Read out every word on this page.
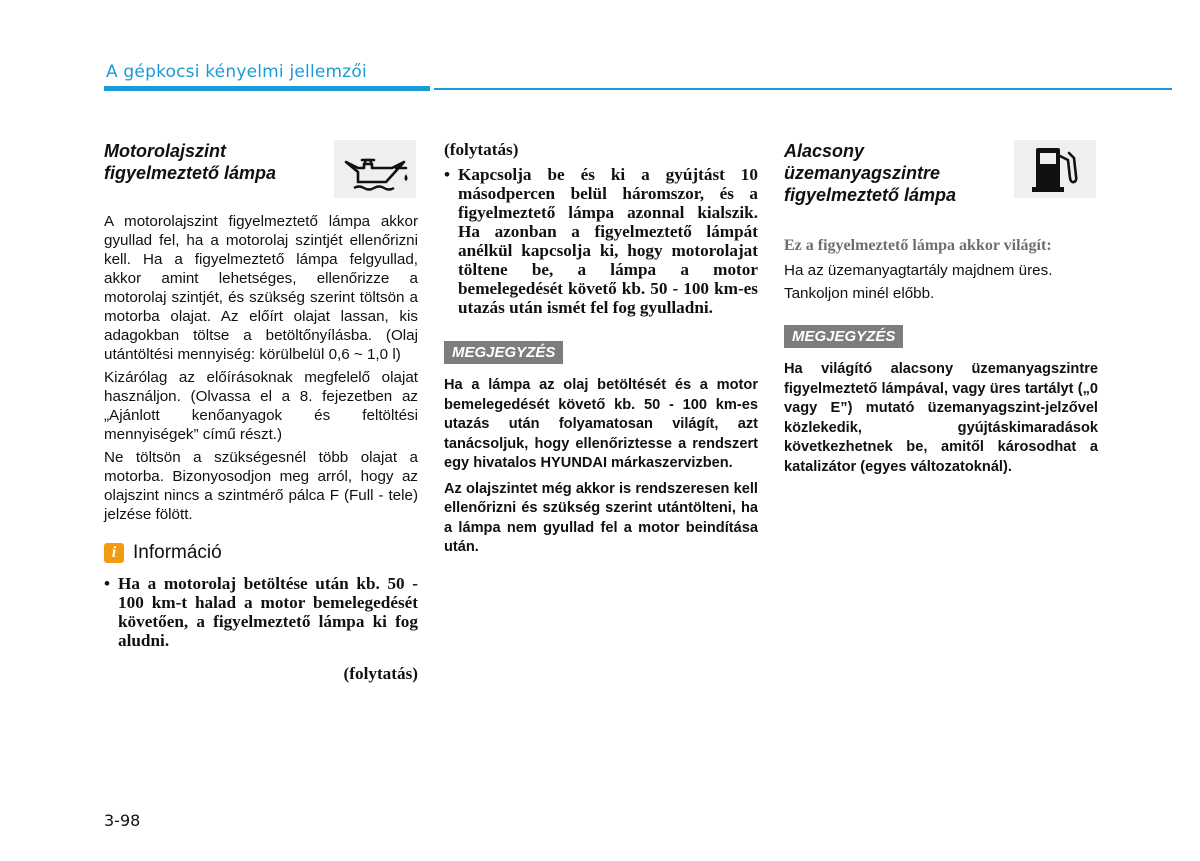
A gépkocsi kényelmi jellemzői
Motorolajszint figyelmeztető lámpa

A motorolajszint figyelmeztető lámpa akkor gyullad fel, ha a motorolaj szintjét ellenőrizni kell. Ha a figyelmeztető lámpa felgyullad, akkor amint lehetséges, ellenőrizze a motorolaj szintjét, és szükség szerint töltsön a motorba olajat. Az előírt olajat lassan, kis adagokban töltse a betöltőnyílásba. (Olaj utántöltési mennyiség: körülbelül 0,6 ~ 1,0 l)

Kizárólag az előírásoknak megfelelő olajat használjon. (Olvassa el a 8. fejezetben az „Ajánlott kenőanyagok és feltöltési mennyiségek” című részt.)

Ne töltsön a szükségesnél több olajat a motorba. Bizonyosodjon meg arról, hogy az olajszint nincs a szintmérő pálca F (Full - tele) jelzése fölött.

i Információ
• Ha a motorolaj betöltése után kb. 50 - 100 km-t halad a motor bemelegedését követően, a figyelmeztető lámpa ki fog aludni.
(folytatás)
(folytatás)
• Kapcsolja be és ki a gyújtást 10 másodpercen belül háromszor, és a figyelmeztető lámpa azonnal kialszik. Ha azonban a figyelmeztető lámpát anélkül kapcsolja ki, hogy motorolajat töltene be, a lámpa a motor bemelegedését követő kb. 50 - 100 km-es utazás után ismét fel fog gyulladni.
MEGJEGYZÉS

Ha a lámpa az olaj betöltését és a motor bemelegedését követő kb. 50 - 100 km-es utazás után folyamatosan világít, azt tanácsoljuk, hogy ellenőriztesse a rendszert egy hivatalos HYUNDAI márkaszervizben.

Az olajszintet még akkor is rendszeresen kell ellenőrizni és szükség szerint utántölteni, ha a lámpa nem gyullad fel a motor beindítása után.

Alacsony üzemanyagszintre figyelmeztető lámpa
Ez a figyelmeztető lámpa akkor világít:
Ha az üzemanyagtartály majdnem üres.
Tankoljon minél előbb.
MEGJEGYZÉS

Ha világító alacsony üzemanyagszintre figyelmeztető lámpával, vagy üres tartályt („0 vagy E”) mutató üzemanyagszint-jelzővel közlekedik, gyújtáskimaradások következhetnek be, amitől károsodhat a katalizátor (egyes változatoknál).

3-98
